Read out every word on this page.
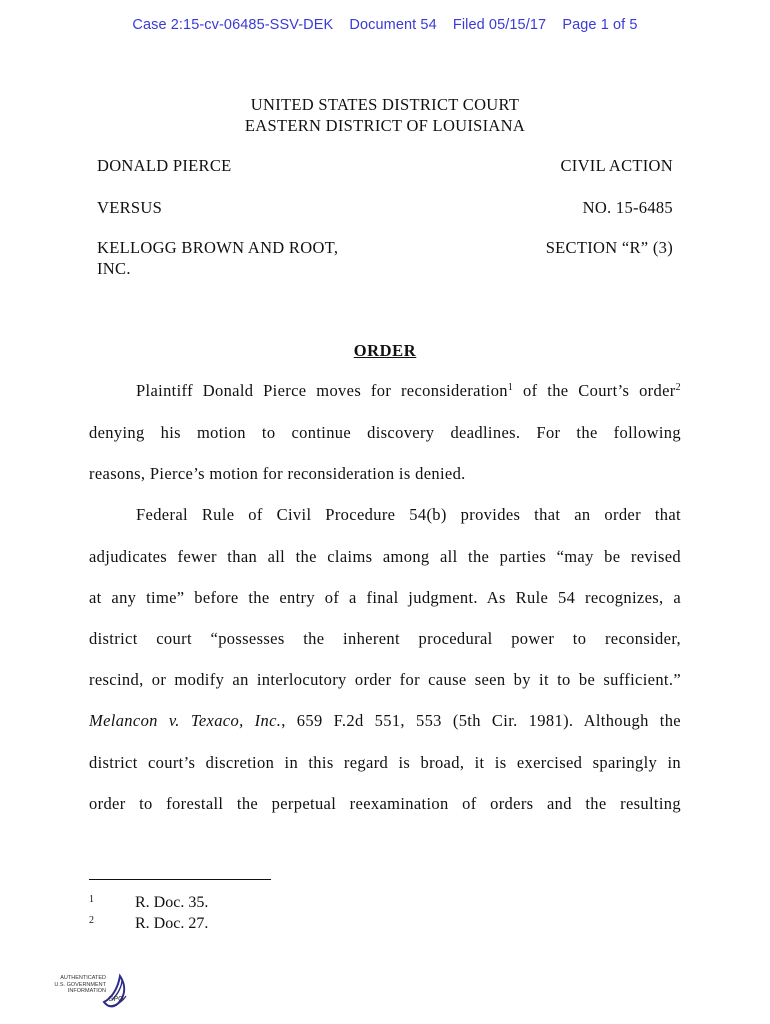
Case 2:15-cv-06485-SSV-DEK Document 54 Filed 05/15/17 Page 1 of 5
UNITED STATES DISTRICT COURT
EASTERN DISTRICT OF LOUISIANA
DONALD PIERCE
VERSUS
KELLOGG BROWN AND ROOT,
INC.
CIVIL ACTION
NO. 15-6485
SECTION “R” (3)
ORDER
Plaintiff Donald Pierce moves for reconsideration$^1$ of the Court’s order$^2$
denying his motion to continue discovery deadlines. For the following
reasons, Pierce’s motion for reconsideration is denied.
Federal Rule of Civil Procedure 54(b) provides that an order that
adjudicates fewer than all the claims among all the parties “may be revised
at any time” before the entry of a final judgment. As Rule 54 recognizes, a
district court “possesses the inherent procedural power to reconsider,
rescind, or modify an interlocutory order for cause seen by it to be sufficient.”
Melancon v. Texaco, Inc., 659 F.2d 551, 553 (5th Cir. 1981). Although the
district court’s discretion in this regard is broad, it is exercised sparingly in
order to forestall the perpetual reexamination of orders and the resulting
1	R. Doc. 35.
2	R. Doc. 27.
AUTHENTICATED
U.S. GOVERNMENT
INFORMATION
GPO
